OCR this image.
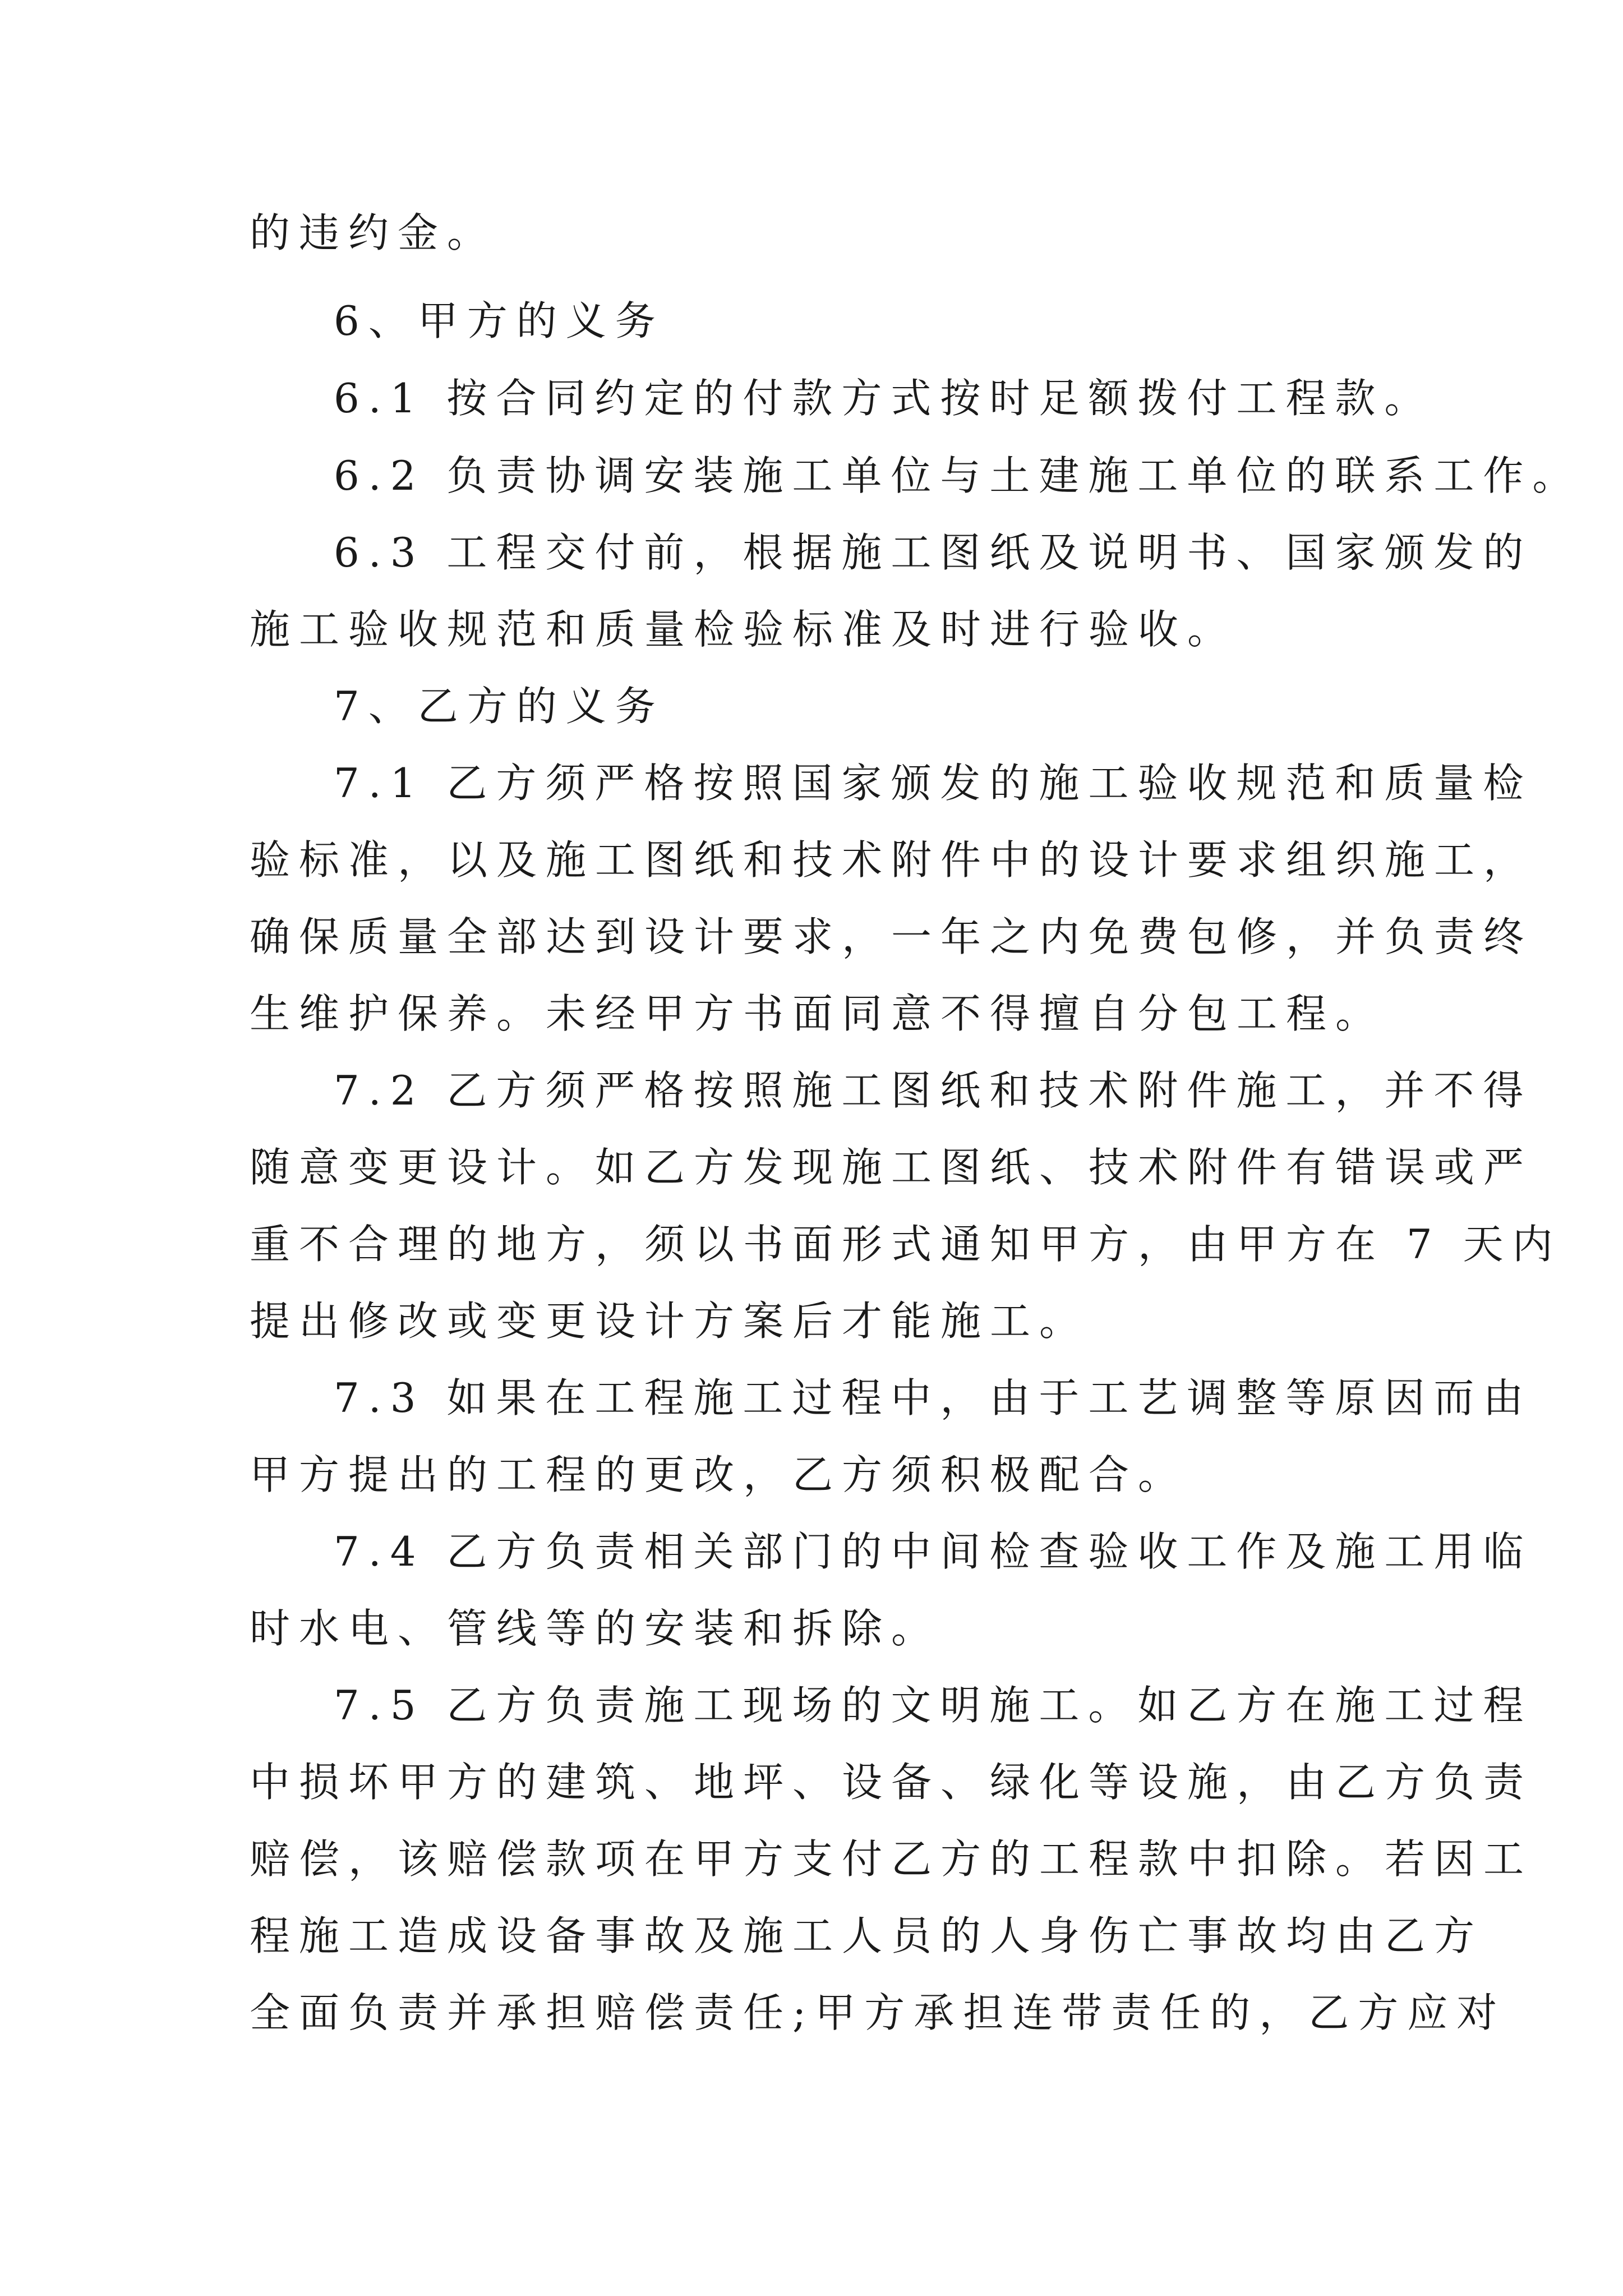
的违约金。
6、甲方的义务
6.1 按合同约定的付款方式按时足额拨付工程款。
6.2 负责协调安装施工单位与土建施工单位的联系工作。
6.3 工程交付前，根据施工图纸及说明书、国家颁发的
施工验收规范和质量检验标准及时进行验收。
7、乙方的义务
7.1 乙方须严格按照国家颁发的施工验收规范和质量检
验标准，以及施工图纸和技术附件中的设计要求组织施工，
确保质量全部达到设计要求，一年之内免费包修，并负责终
生维护保养。未经甲方书面同意不得擅自分包工程。
7.2 乙方须严格按照施工图纸和技术附件施工，并不得
随意变更设计。如乙方发现施工图纸、技术附件有错误或严
重不合理的地方，须以书面形式通知甲方，由甲方在 7 天内
提出修改或变更设计方案后才能施工。
7.3 如果在工程施工过程中，由于工艺调整等原因而由
甲方提出的工程的更改，乙方须积极配合。
7.4 乙方负责相关部门的中间检查验收工作及施工用临
时水电、管线等的安装和拆除。
7.5 乙方负责施工现场的文明施工。如乙方在施工过程
中损坏甲方的建筑、地坪、设备、绿化等设施，由乙方负责
赔偿，该赔偿款项在甲方支付乙方的工程款中扣除。若因工
程施工造成设备事故及施工人员的人身伤亡事故均由乙方
全面负责并承担赔偿责任;甲方承担连带责任的，乙方应对
